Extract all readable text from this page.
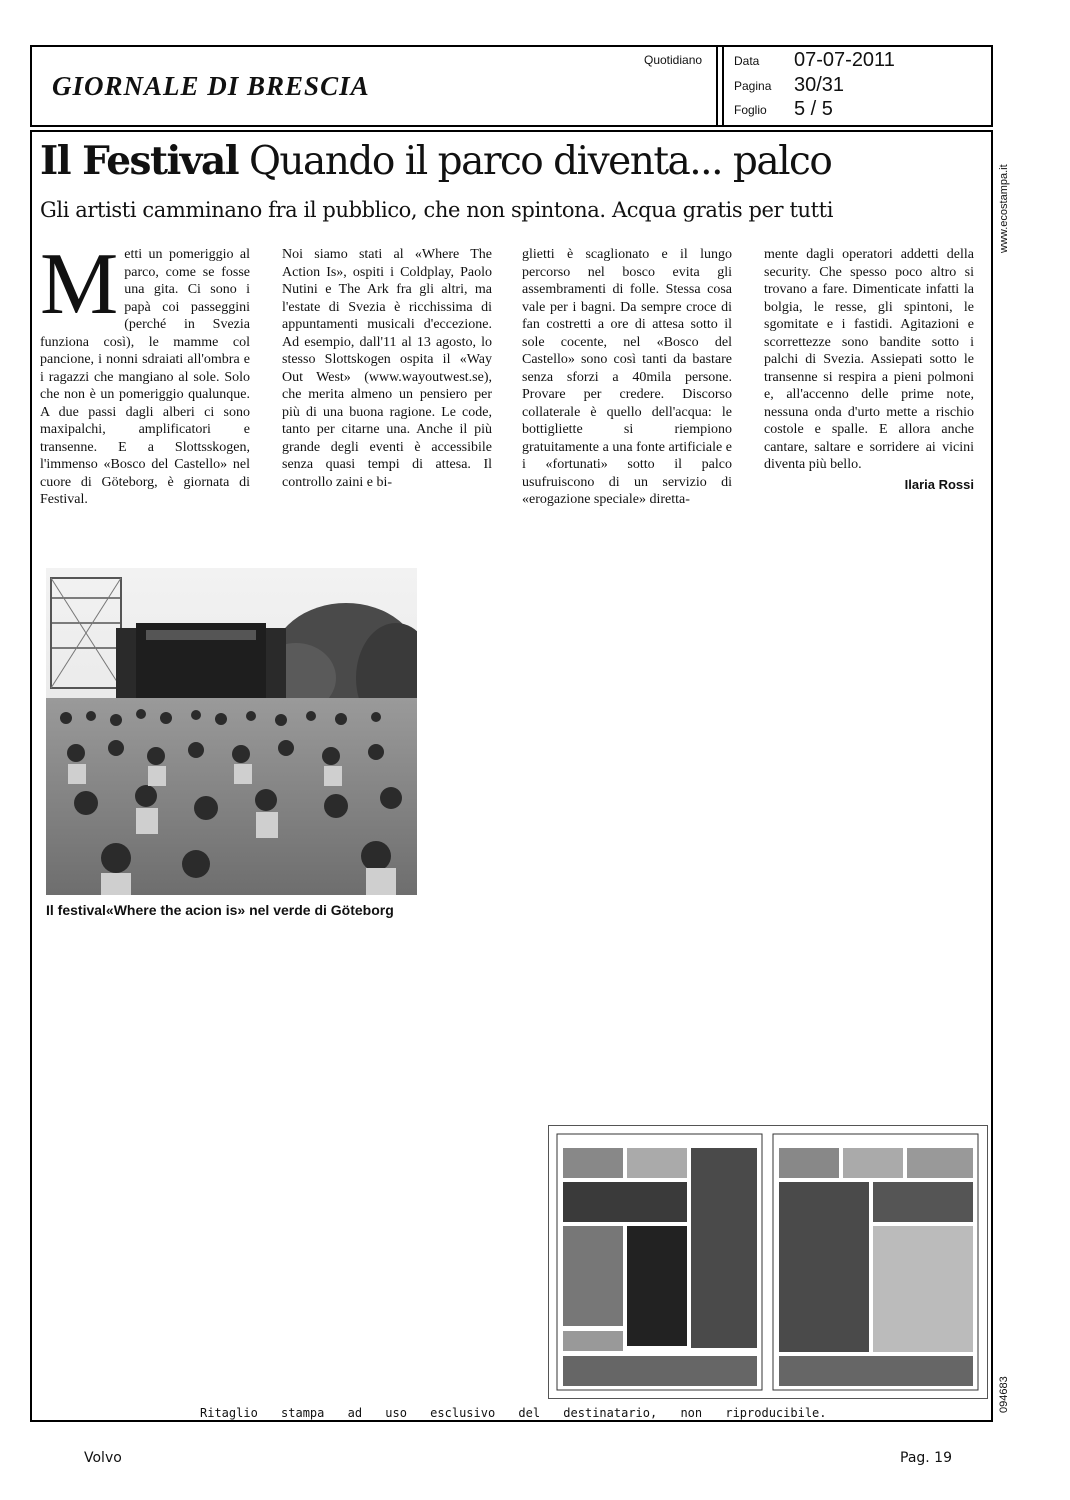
GIORNALE DI BRESCIA
Quotidiano	Data 07-07-2011
Pagina 30/31
Foglio 5 / 5
Il Festival Quando il parco diventa... palco
Gli artisti camminano fra il pubblico, che non spintona. Acqua gratis per tutti
M etti un pomeriggio al parco, come se fosse una gita. Ci sono i papà coi passeggini (perché in Svezia funziona così), le mamme col pancione, i nonni sdraiati all'ombra e i ragazzi che mangiano al sole. Solo che non è un pomeriggio qualunque. A due passi dagli alberi ci sono maxipalchi, amplificatori e transenne. E a Slottsskogen, l'immenso «Bosco del Castello» nel cuore di Göteborg, è giornata di Festival.

Noi siamo stati al «Where The Action Is», ospiti i Coldplay, Paolo Nutini e The Ark fra gli altri, ma l'estate di Svezia è ricchissima di appuntamenti musicali d'eccezione. Ad esempio, dall'11 al 13 agosto, lo stesso Slottskogen ospita il «Way Out West» (www.wayoutwest.se), che merita almeno un pensiero per più di una buona ragione. Le code, tanto per citarne una. Anche il più grande degli eventi è accessibile senza quasi tempi di attesa. Il controllo zaini e bi-

glietti è scaglionato e il lungo percorso nel bosco evita gli assembramenti di folle. Stessa cosa vale per i bagni. Da sempre croce di fan costretti a ore di attesa sotto il sole cocente, nel «Bosco del Castello» sono così tanti da bastare senza sforzi a 40mila persone. Provare per credere. Discorso collaterale è quello dell'acqua: le bottigliette si riempiono gratuitamente a una fonte artificiale e i «fortunati» sotto il palco usufruiscono di un servizio di «erogazione speciale» diretta-

mente dagli operatori addetti della security. Che spesso poco altro si trovano a fare. Dimenticate infatti la bolgia, le resse, gli spintoni, le sgomitate e i fastidi. Agitazioni e scorrettezze sono bandite sotto i palchi di Svezia. Assiepati sotto le transenne si respira a pieni polmoni e, all'accenno delle prime note, nessuna onda d'urto mette a rischio costole e spalle. E allora anche cantare, saltare e sorridere ai vicini diventa più bello.

Ilaria Rossi
www.ecostampa.it
094683
Il festival«Where the acion is» nel verde di Göteborg
Ritaglio stampa ad uso esclusivo del destinatario, non riproducibile.
Volvo	Pag. 19
